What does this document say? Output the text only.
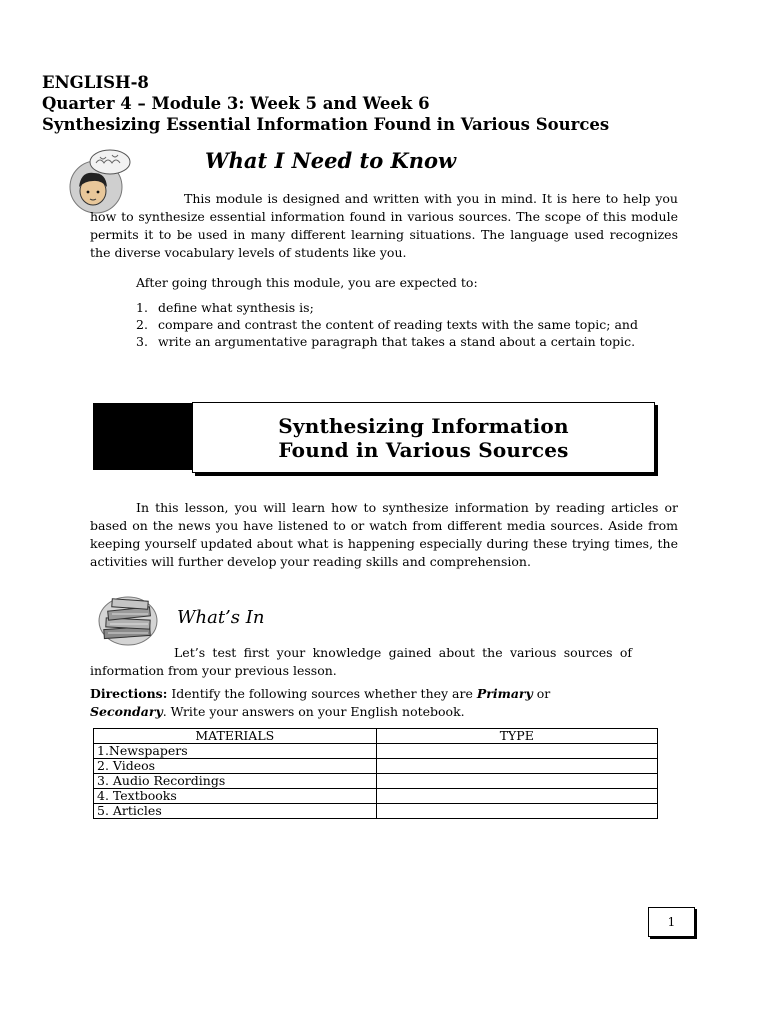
ENGLISH-8
Quarter 4 – Module 3: Week 5 and Week 6
Synthesizing Essential Information Found in Various Sources
What I Need to Know
This module is designed and written with you in mind. It is here to help you how to synthesize essential information found in various sources. The scope of this module permits it to be used in many different learning situations. The language used recognizes the diverse vocabulary levels of students like you.
After going through this module, you are expected to:
1. define what synthesis is;
2. compare and contrast the content of reading texts with the same topic; and
3. write an argumentative paragraph that takes a stand about a certain topic.
Synthesizing Information
Found in Various Sources
In this lesson, you will learn how to synthesize information by reading articles or based on the news you have listened to or watch from different media sources. Aside from keeping yourself updated about what is happening especially during these trying times, the activities will further develop your reading skills and comprehension.
What’s In
Let’s test first your knowledge gained about the various sources of information from your previous lesson.
Directions: Identify the following sources whether they are Primary or
Secondary. Write your answers on your English notebook.
MATERIALS	TYPE
1.Newspapers	
2. Videos	
3. Audio Recordings	
4. Textbooks	
5. Articles	
1
